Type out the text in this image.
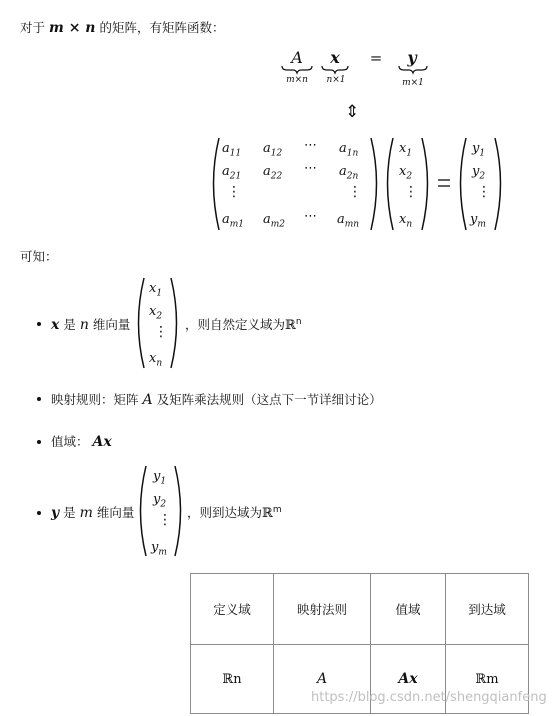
对于 m × n 的矩阵，有矩阵函数：
A	x	=	y
m×n	n×1	m×1
⇕
$a_{11}$ $a_{12}$
⋯ $a_{1n}$
$a_{21}$ $a_{22}$
⋯ $a_{2n}$
⋮	⋮
$a_{m1}$ $a_{m2}$
⋯ $a_{mn}$
$x_1$
$x_2$
⋮
$x_n$
$y_1$
$y_2$
⋮
$y_m$
可知：
x 是 n 维向量
$x_1$
$x_2$
⋮
$x_n$
，则自然定义域为ℝ$^n$
映射规则：矩阵 A 及矩阵乘法规则（这点下一节详细讨论）
值域： Ax
y 是 m 维向量
$y_1$
$y_2$
⋮
$y_m$
，则到达域为ℝ$^m$
定义域	映射法则	值域	到达域
ℝn	A	Ax	ℝm
https://blog.csdn.net/shengqianfeng
